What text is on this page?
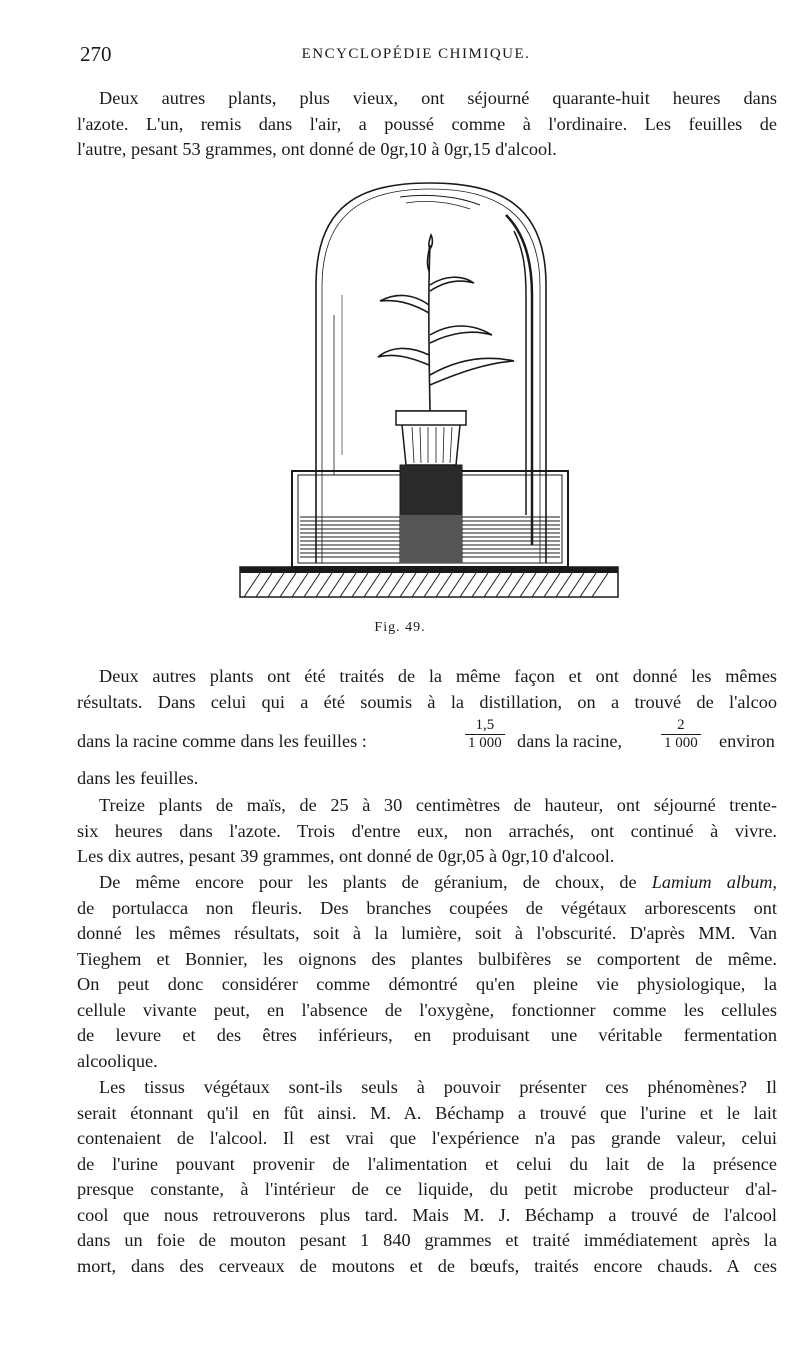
270	ENCYCLOPÉDIE CHIMIQUE.
Deux autres plants, plus vieux, ont séjourné quarante-huit heures dans
l'azote. L'un, remis dans l'air, a poussé comme à l'ordinaire. Les feuilles de
l'autre, pesant 53 grammes, ont donné de 0gr,10 à 0gr,15 d'alcool.
Fig. 49.
Deux autres plants ont été traités de la même façon et ont donné les mêmes
résultats. Dans celui qui a été soumis à la distillation, on a trouvé de l'alcoo
dans la racine comme dans les feuilles :	$\frac{1,5}{1 000}$ dans la racine,	$\frac{2}{1 000}$ environ
dans les feuilles.
Treize plants de maïs, de 25 à 30 centimètres de hauteur, ont séjourné trente-
six heures dans l'azote. Trois d'entre eux, non arrachés, ont continué à vivre.
Les dix autres, pesant 39 grammes, ont donné de 0gr,05 à 0gr,10 d'alcool.
De même encore pour les plants de géranium, de choux, de Lamium album,
de portulacca non fleuris. Des branches coupées de végétaux arborescents ont
donné les mêmes résultats, soit à la lumière, soit à l'obscurité. D'après MM. Van
Tieghem et Bonnier, les oignons des plantes bulbifères se comportent de même.
On peut donc considérer comme démontré qu'en pleine vie physiologique, la
cellule vivante peut, en l'absence de l'oxygène, fonctionner comme les cellules
de levure et des êtres inférieurs, en produisant une véritable fermentation
alcoolique.
Les tissus végétaux sont-ils seuls à pouvoir présenter ces phénomènes? Il
serait étonnant qu'il en fût ainsi. M. A. Béchamp a trouvé que l'urine et le lait
contenaient de l'alcool. Il est vrai que l'expérience n'a pas grande valeur, celui
de l'urine pouvant provenir de l'alimentation et celui du lait de la présence
presque constante, à l'intérieur de ce liquide, du petit microbe producteur d'al-
cool que nous retrouverons plus tard. Mais M. J. Béchamp a trouvé de l'alcool
dans un foie de mouton pesant 1 840 grammes et traité immédiatement après la
mort, dans des cerveaux de moutons et de bœufs, traités encore chauds. A ces
